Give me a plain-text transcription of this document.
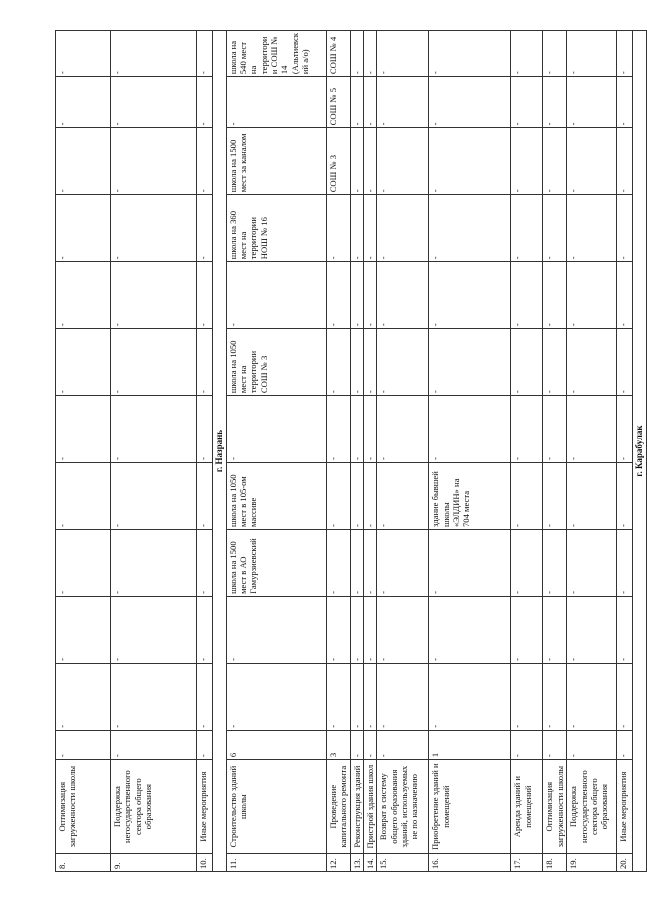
8.	Оптимизация загруженности школы	-	-	-	-	-	-	-	-	-	-	-	-
9.	Поддержка негосударственного сектора общего образования	-	-	-	-	-	-	-	-	-	-	-	-
10.	Иные мероприятия	-	-	-	-	-	-	-	-	-	-	-	-
г. Назрань													
11.	Строительство зданий школы	6	-	-	школа на 1500 мест в АО Гамурзиевский	школа на 1050 мест в 105-ом массиве	-	школа на 1050 мест на территории СОШ № 3	-	школа на 360 мест на территории НОШ № 16	школа на 1500 мест за каналом	-	школа на 540 мест на территории СОШ № 14 (Альтиевский а/о)
12.	Проведение капитального ремонта	3	-	-	-	-	-	-	-	-	СОШ № 3	СОШ № 5	СОШ № 4
13.	Реконструкция зданий	-	-	-	-	-	-	-	-	-	-	-	-
14.	Пристрой здания школ	-	-	-	-	-	-	-	-	-	-	-	-
15.	Возврат в систему общего образования зданий, используемых не по назначению	-	-	-	-	-	-	-	-	-	-	-	-
16.	Приобретение зданий и помещений	1	-	-	-	здание бывшей школы «ЭЛДИН» на 704 места	-	-	-	-	-	-	-
17.	Аренда зданий и помещений	-	-	-	-	-	-	-	-	-	-	-	-
18.	Оптимизация загруженности школы	-	-	-	-	-	-	-	-	-	-	-	-
19.	Поддержка негосударственного сектора общего образования	-	-	-	-	-	-	-	-	-	-	-	-
20.	Иные мероприятия	-	-	-	-	-	-	-	-	-	-	-	-
г. Карабулак													
